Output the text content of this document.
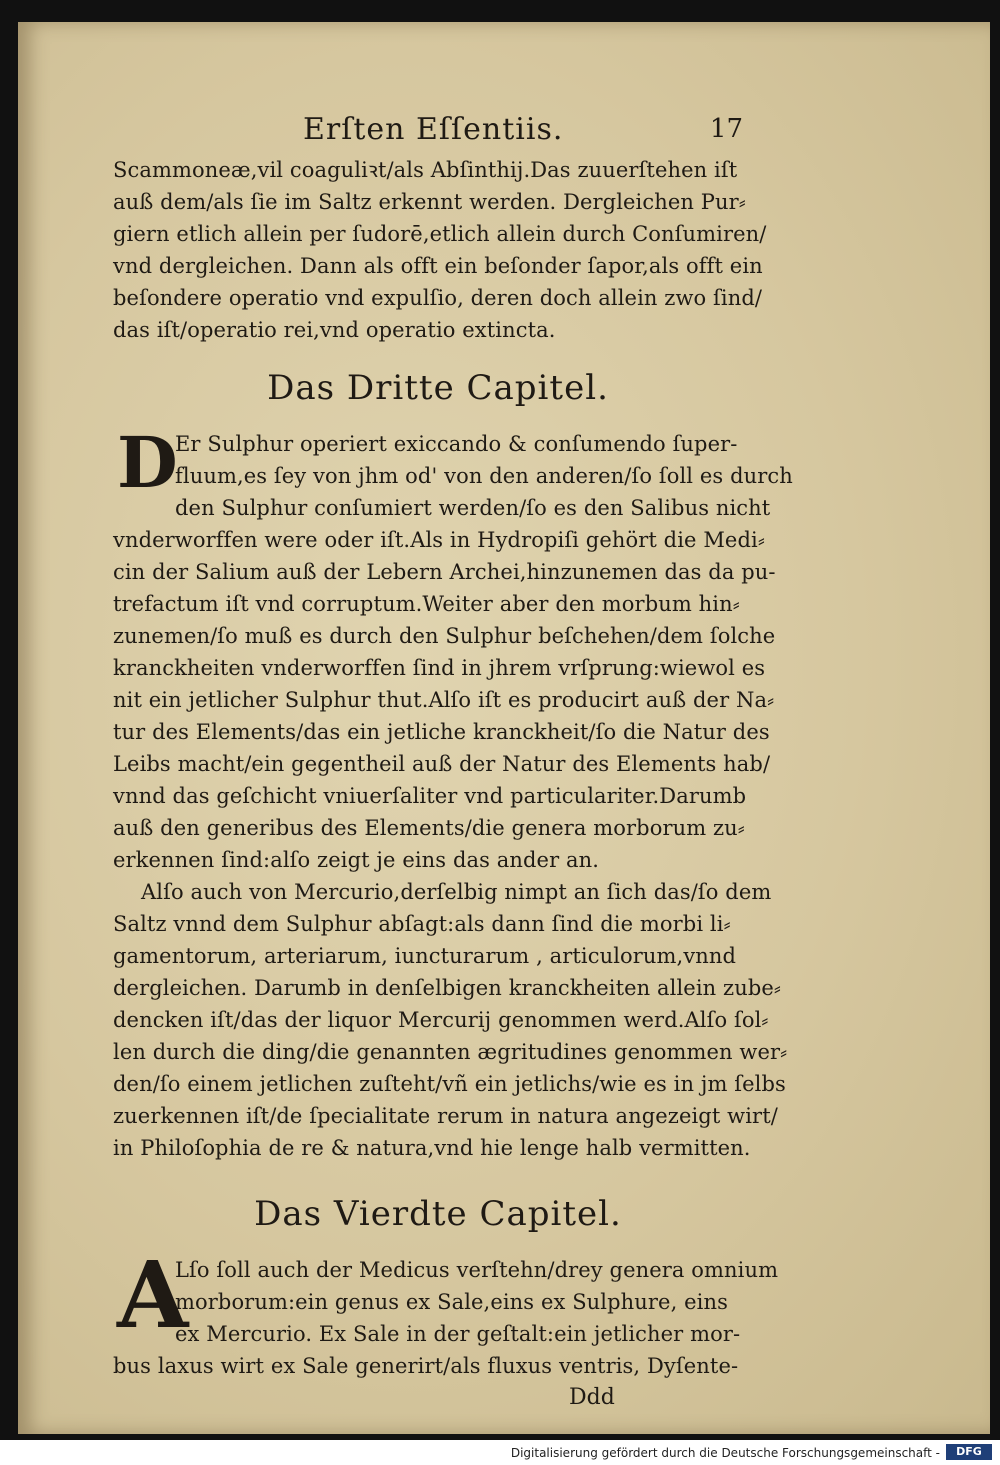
Erſten Eſſentiis.	17
Scammoneæ,vil coaguliꝛt/als Abſinthij.Das zuuerſtehen iſt
auß dem/als ſie im Saltz erkennt werden. Dergleichen Pur⸗
giern etlich allein per ſudorē,etlich allein durch Conſumiren/
vnd dergleichen. Dann als offt ein beſonder ſapor,als offt ein
beſondere operatio vnd expulſio, deren doch allein zwo ſind/
das iſt/operatio rei,vnd operatio extincta.
Das Dritte Capitel.
D
Er Sulphur operiert exiccando & conſumendo ſuper-
fluum,es ſey von jhm od' von den anderen/ſo ſoll es durch
den Sulphur conſumiert werden/ſo es den Salibus nicht
vnderworffen were oder iſt.Als in Hydropiſi gehört die Medi⸗
cin der Salium auß der Lebern Archei,hinzunemen das da pu-
trefactum iſt vnd corruptum.Weiter aber den morbum hin⸗
zunemen/ſo muß es durch den Sulphur beſchehen/dem ſolche
kranckheiten vnderworffen ſind in jhrem vrſprung:wiewol es
nit ein jetlicher Sulphur thut.Alſo iſt es producirt auß der Na⸗
tur des Elements/das ein jetliche kranckheit/ſo die Natur des
Leibs macht/ein gegentheil auß der Natur des Elements hab/
vnnd das geſchicht vniuerſaliter vnd particulariter.Darumb
auß den generibus des Elements/die genera morborum zu⸗
erkennen ſind:alſo zeigt je eins das ander an.
Alſo auch von Mercurio,derſelbig nimpt an ſich das/ſo dem
Saltz vnnd dem Sulphur abſagt:als dann ſind die morbi li⸗
gamentorum, arteriarum, iuncturarum , articulorum,vnnd
dergleichen. Darumb in denſelbigen kranckheiten allein zube⸗
dencken iſt/das der liquor Mercurij genommen werd.Alſo ſol⸗
len durch die ding/die genannten ægritudines genommen wer⸗
den/ſo einem jetlichen zuſteht/vñ ein jetlichs/wie es in jm ſelbs
zuerkennen iſt/de ſpecialitate rerum in natura angezeigt wirt/
in Philoſophia de re & natura,vnd hie lenge halb vermitten.
Das Vierdte Capitel.
A
Lſo ſoll auch der Medicus verſtehn/drey genera omnium
morborum:ein genus ex Sale,eins ex Sulphure, eins
ex Mercurio. Ex Sale in der geſtalt:ein jetlicher mor-
bus laxus wirt ex Sale generirt/als fluxus ventris, Dyſente-
Ddd
Digitalisierung gefördert durch die Deutsche Forschungsgemeinschaft -	DFG
